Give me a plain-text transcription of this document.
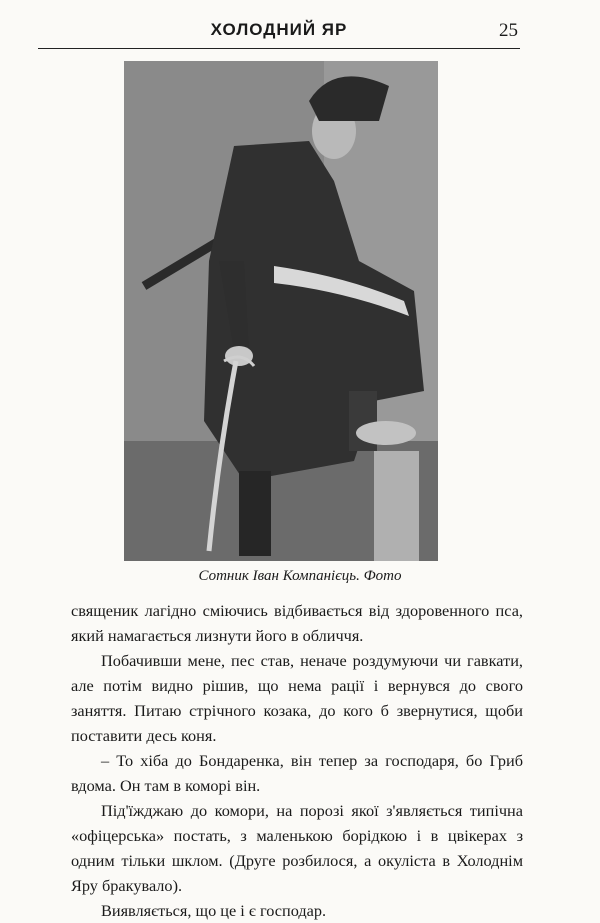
ХОЛОДНИЙ ЯР	25
Сотник Іван Компанієць. Фото

священик лагідно сміючись відбивається від здоровенного пса, який намагається лизнути його в обличчя.

Побачивши мене, пес став, неначе роздумуючи чи гавкати, але потім видно рішив, що нема рації і вернувся до свого заняття. Питаю стрічного козака, до кого б звернутися, щоби поставити десь коня.

– То хіба до Бондаренка, він тепер за господаря, бо Гриб вдома. Он там в коморі він.

Під'їжджаю до комори, на порозі якої з'являється типічна «офіцерська» постать, з маленькою борідкою і в цвікерах з одним тільки шклом. (Друге розбилося, а окуліста в Холоднім Яру бракувало).

Виявляється, що це і є господар.
